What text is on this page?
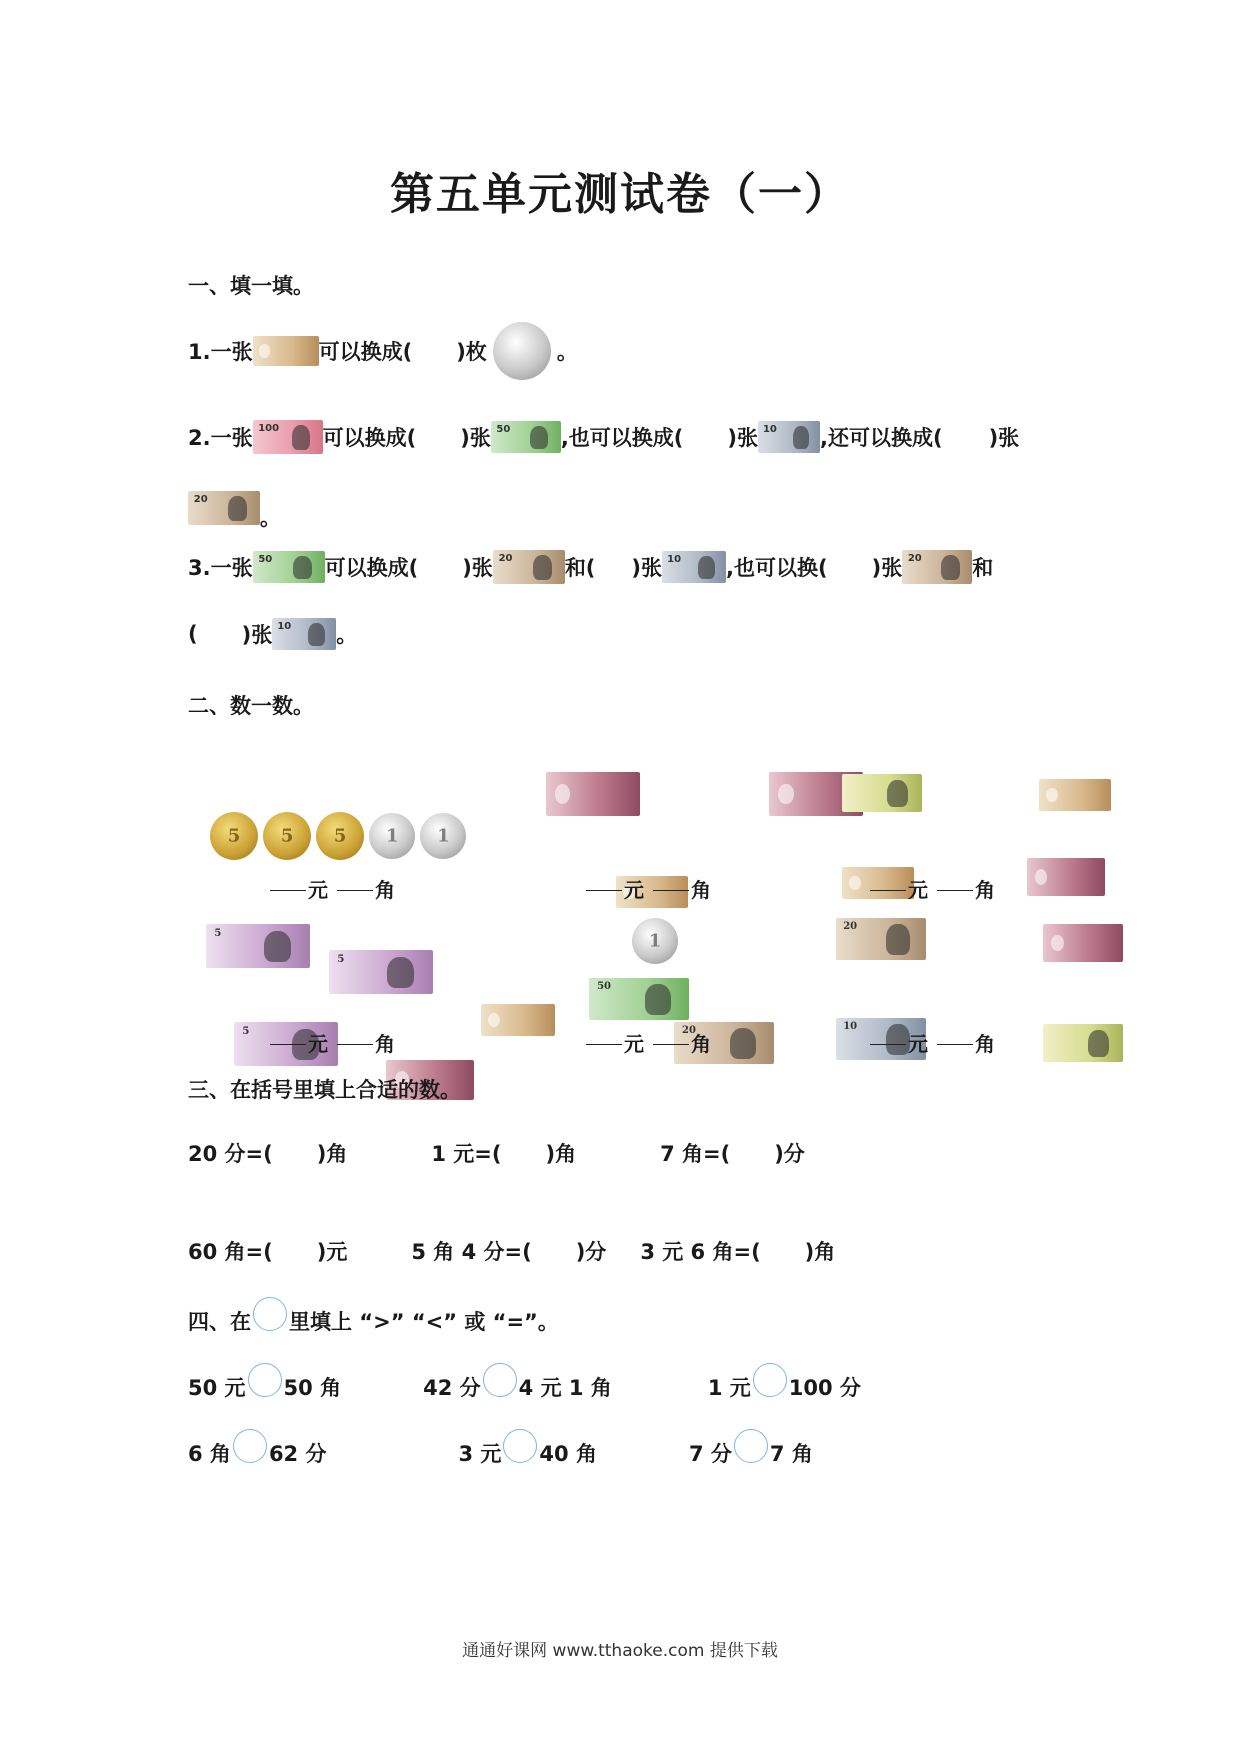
第五单元测试卷（一）
一、填一填。
1.一张	可以换成( )枚	。
2.一张 100 可以换成( )张 50 ,也可以换成( )张 10 ,还可以换成( )张
20
。
3.一张 50 可以换成( )张 20 和( )张 10 ,也可以换( )张 20 和
( )张 10 。
二、数一数。
5
	5
	5
	1
	1
元 角

	元 角

	元 角
5

5

5

元 角
1

50

20
元 角
20

10

元 角
三、在括号里填上合适的数。
20 分=( )角	1 元=( )角	7 角=( )分
60 角=( )元	5 角 4 分=( )分 3 元 6 角=( )角
四、在 里填上 “>” “<” 或 “=”。
50 元 50 角	42 分 4 元 1 角	1 元 100 分
6 角 62 分	3 元 40 角	7 分 7 角
通通好课网 www.tthaoke.com 提供下载
